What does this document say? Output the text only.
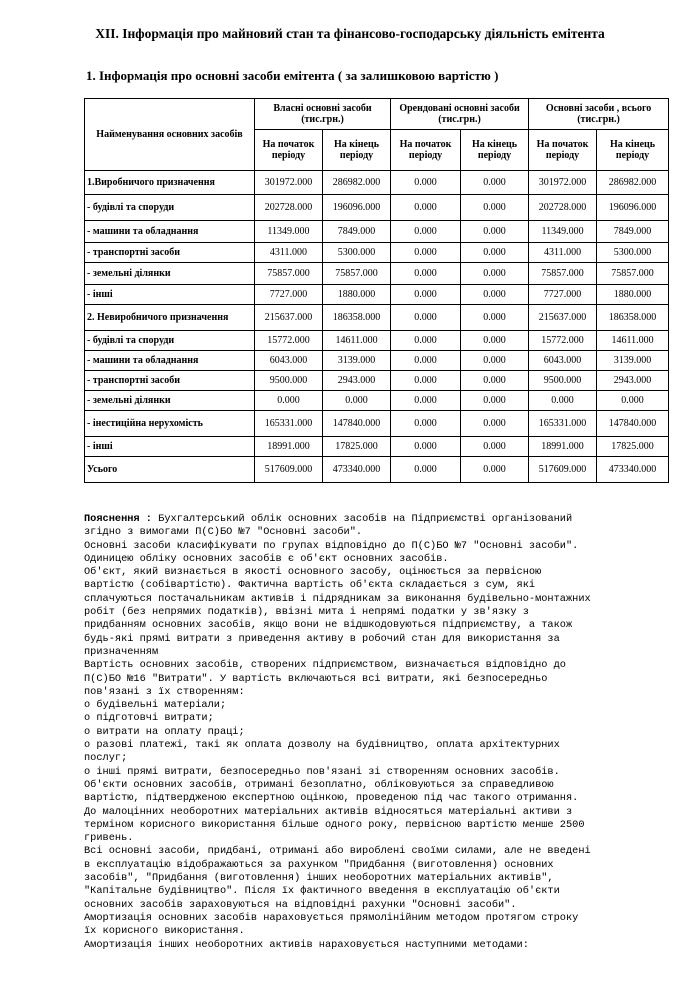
XII. Інформація про майновий стан та фінансово-господарську діяльність емітента
1. Інформація про основні засоби емітента ( за залишковою вартістю )
Найменування основних засобів	Власні основні засоби (тис.грн.)		Орендовані основні засоби (тис.грн.)		Основні засоби , всього (тис.грн.)	
	На початок періоду	На кінець періоду	На початок періоду	На кінець періоду	На початок періоду	На кінець періоду
1.Виробничого призначення	301972.000	286982.000	0.000	0.000	301972.000	286982.000
- будівлі та споруди	202728.000	196096.000	0.000	0.000	202728.000	196096.000
- машини та обладнання	11349.000	7849.000	0.000	0.000	11349.000	7849.000
- транспортні засоби	4311.000	5300.000	0.000	0.000	4311.000	5300.000
- земельні ділянки	75857.000	75857.000	0.000	0.000	75857.000	75857.000
- інші	7727.000	1880.000	0.000	0.000	7727.000	1880.000
2. Невиробничого призначення	215637.000	186358.000	0.000	0.000	215637.000	186358.000
- будівлі та споруди	15772.000	14611.000	0.000	0.000	15772.000	14611.000
- машини та обладнання	6043.000	3139.000	0.000	0.000	6043.000	3139.000
- транспортні засоби	9500.000	2943.000	0.000	0.000	9500.000	2943.000
- земельні ділянки	0.000	0.000	0.000	0.000	0.000	0.000
- інестиційна нерухомість	165331.000	147840.000	0.000	0.000	165331.000	147840.000
- інші	18991.000	17825.000	0.000	0.000	18991.000	17825.000
Усього	517609.000	473340.000	0.000	0.000	517609.000	473340.000
Пояснення : Бухгалтерський облік основних засобів на Підприємстві організований
згідно з вимогами П(С)БО №7 "Основні засоби".
Основні засоби класифікувати по групах відповідно до П(С)БО №7 "Основні засоби".
Одиницею обліку основних засобів є об'єкт основних засобів.
Об'єкт, який визнається в якості основного засобу, оцінюється за первісною
вартістю (собівартістю). Фактична вартість об'єкта складається з сум, які
сплачуються постачальникам активів і підрядникам за виконання будівельно-монтажних
робіт (без непрямих податків), ввізні мита і непрямі податки у зв'язку з
придбанням основних засобів, якщо вони не відшкодовуються підприємству, а також
будь-які прямі витрати з приведення активу в робочий стан для використання за
призначенням
Вартість основних засобів, створених підприємством, визначається відповідно до
П(С)БО №16 "Витрати". У вартість включаються всі витрати, які безпосередньо
пов'язані з їх створенням:
о будівельні матеріали;
о підготовчі витрати;
о витрати на оплату праці;
о разові платежі, такі як оплата дозволу на будівництво, оплата архітектурних
послуг;
о інші прямі витрати, безпосередньо пов'язані зі створенням основних засобів.
Об'єкти основних засобів, отримані безоплатно, обліковуються за справедливою
вартістю, підтвердженою експертною оцінкою, проведеною під час такого отримання.
До малоцінних необоротних матеріальних активів відносяться матеріальні активи з
терміном корисного використання більше одного року, первісною вартістю менше 2500
гривень.
Всі основні засоби, придбані, отримані або вироблені своїми силами, але не введені
в експлуатацію відображаються за рахунком "Придбання (виготовлення) основних
засобів", "Придбання (виготовлення) інших необоротних матеріальних активів",
"Капітальне будівництво". Після їх фактичного введення в експлуатацію об'єкти
основних засобів зараховуються на відповідні рахунки "Основні засоби".
Амортизація основних засобів нараховується прямолінійним методом протягом строку
їх корисного використання.
Амортизація інших необоротних активів нараховується наступними методами:
